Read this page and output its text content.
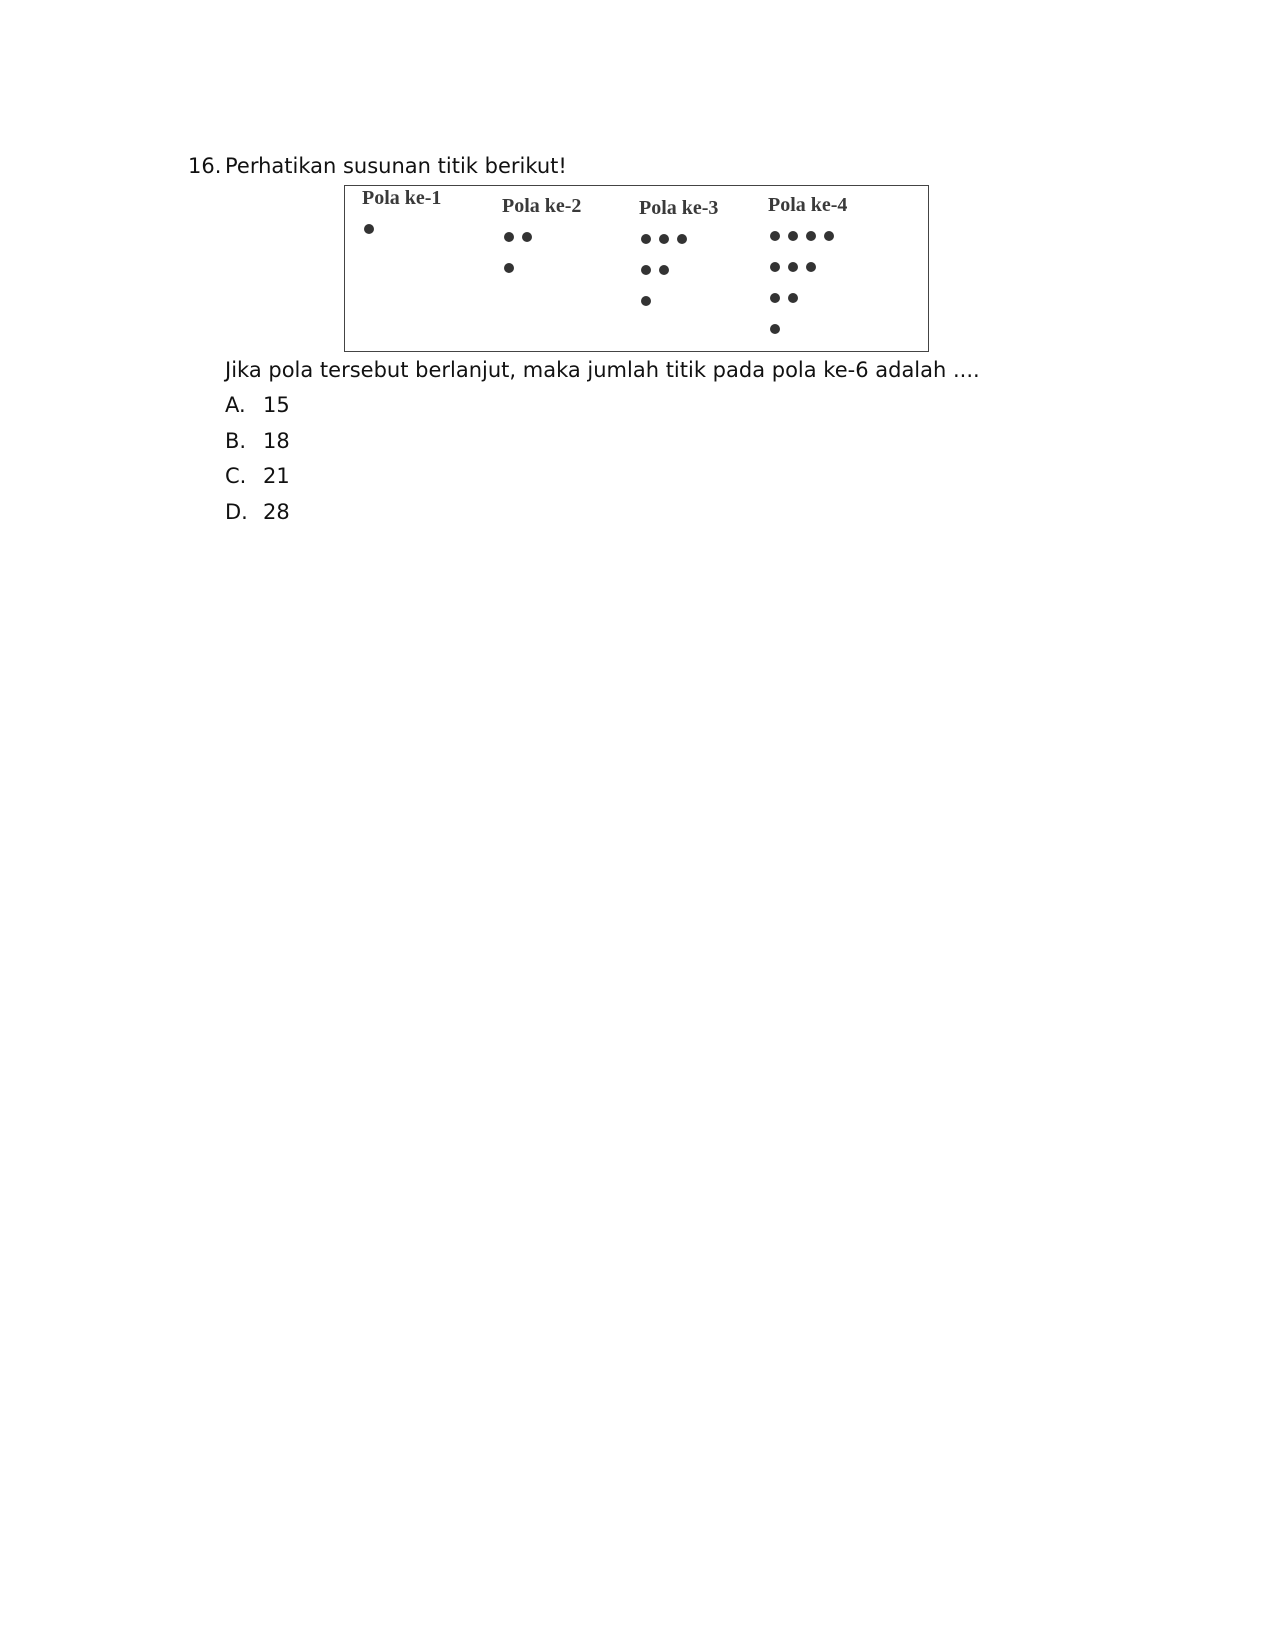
16. Perhatikan susunan titik berikut!
Pola ke-1	Pola ke-2	Pola ke-3 Pola ke-4
Jika pola tersebut berlanjut, maka jumlah titik pada pola ke-6 adalah ....
A. 15
B. 18
C. 21
D. 28
